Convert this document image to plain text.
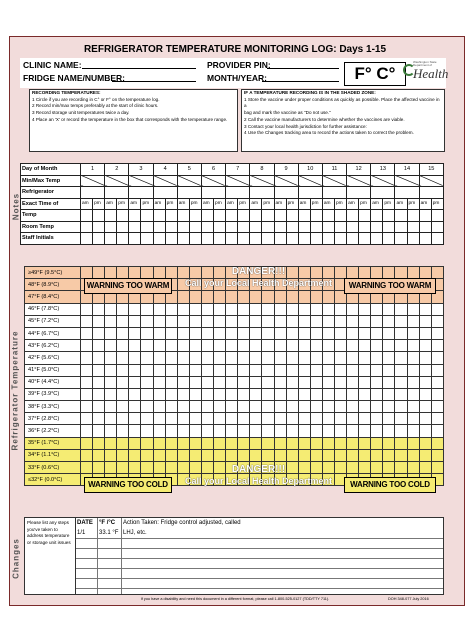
REFRIGERATOR TEMPERATURE MONITORING LOG: Days 1-15
CLINIC NAME:
FRIDGE NAME/NUMBER:
PROVIDER PIN:
MONTH/YEAR:	F° C°
Washington State Department of
Health
RECORDING TEMPERATURES:
1 Circle if you are recording in C° or F° on the temperature log.
2 Record min/max temps preferably at the start of clinic hours.
3 Record storage unit temperatures twice a day.
4 Place an 'X' or record the temperature in the box that corresponds with the temperature range.
IF A TEMPERATURE RECORDING IS IN THE SHADED ZONE:
1 Store the vaccine under proper conditions as quickly as possible. Place the affected vaccine in a
bag and mark the vaccine as "Do not use."
2 Call the vaccine manufacturers to determine whether the vaccines are viable.
3 Contact your local health jurisdiction for further assistance:
4 Use the Changes tracking area to record the actions taken to correct the problem.
Notes
Day of Month	1		2		3		4		5		6		7		8		9		10		11		12		13		14		15	
Min/Max Temp																														
Refrigerator																														
Exact Time of	am	pm	am	pm	am	pm	am	pm	am	pm	am	pm	am	pm	am	pm	am	pm	am	pm	am	pm	am	pm	am	pm	am	pm	am	pm
Temp																														
Room Temp																														
Staff Initials																														
Refrigerator Temperature
≥49°F (9.5°C)																														
48°F (8.9°C)																														
47°F (8.4°C)																														
46°F (7.8°C)																														
45°F (7.2°C)																														
44°F (6.7°C)																														
43°F (6.2°C)																														
42°F (5.6°C)																														
41°F (5.0°C)																														
40°F (4.4°C)																														
39°F (3.9°C)																														
38°F (3.3°C)																														
37°F (2.8°C)																														
36°F (2.2°C)																														
35°F (1.7°C)																														
34°F (1.1°C)																														
33°F (0.6°C)																														
≤32°F (0.0°C)																														
WARNING TOO WARM	WARNING TOO WARM
DANGER!!!
Call your Local Health Department
WARNING TOO COLD	WARNING TOO COLD
DANGER!!!
Call your Local Health Department
Changes
Please list any steps you've taken to address temperature or storage unit issues
DATE °F /°C
1/1 33.1 °F
Action Taken: Fridge control adjusted, called
LHJ, etc.
If you have a disability and need this document in a different format, please call 1-800-525-0127 (TDD/TTY 711).	DOH 348-077 July 2016
